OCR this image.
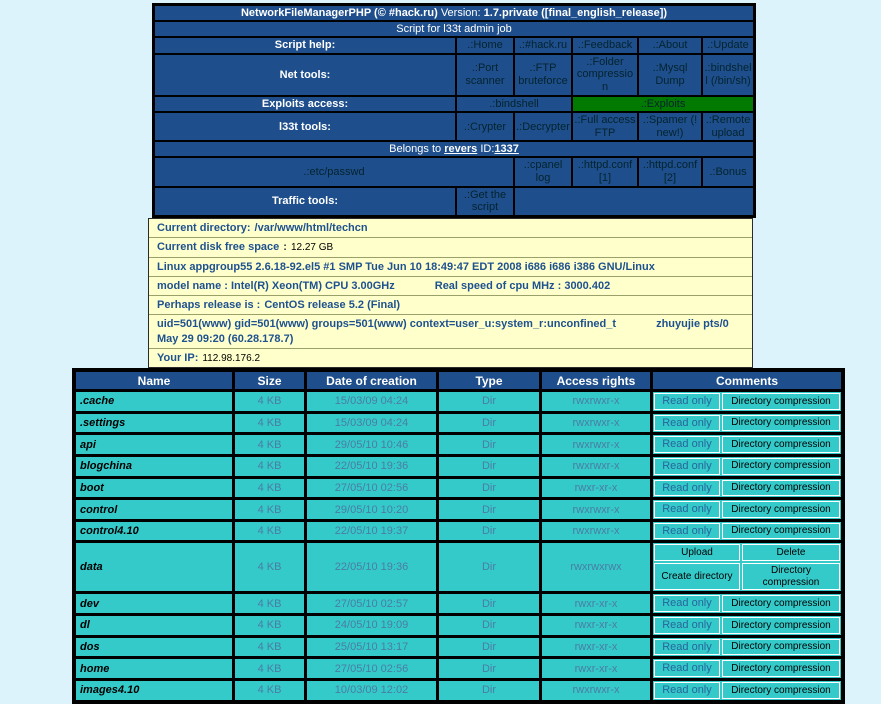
NetworkFileManagerPHP (© #hack.ru) Version: 1.7.private ([final_english_release])					
Script for l33t admin job					
Script help:	.:Home	.:#hack.ru	.:Feedback	.:About	.:Update
Net tools:	.:Port scanner	.:FTP bruteforce	.:Folder compression	.:Mysql Dump	.:bindshell (/bin/sh)
Exploits access:	.:bindshell		.:Exploits		
l33t tools:	.:Crypter	.:Decrypter	.:Full access FTP	.:Spamer (! new!)	.:Remote upload
Belongs to revers ID:1337					
.:etc/passwd		.:cpanel log	.:httpd.conf [1]	.:httpd.conf [2]	.:Bonus
Traffic tools:	.:Get the script				
Current directory: /var/www/html/techcn
Current disk free space : 12.27 GB
Linux appgroup55 2.6.18-92.el5 #1 SMP Tue Jun 10 18:49:47 EDT 2008 i686 i686 i386 GNU/Linux
model name : Intel(R) Xeon(TM) CPU 3.00GHz	Real speed of cpu MHz : 3000.402
Perhaps release is : CentOS release 5.2 (Final)
uid=501(www) gid=501(www) groups=501(www) context=user_u:system_r:unconfined_t	zhuyujie pts/0 May 29 09:20 (60.28.178.7)
Your IP: 112.98.176.2
Name	Size	Date of creation	Type	Access rights	Comments
.cache	4 KB	15/03/09 04:24	Dir	rwxrwxr-x	Read only Directory compression

.settings	4 KB	15/03/09 04:24	Dir	rwxrwxr-x	Read only Directory compression

api	4 KB	29/05/10 10:46	Dir	rwxrwxr-x	Read only Directory compression

blogchina	4 KB	22/05/10 19:36	Dir	rwxrwxr-x	Read only Directory compression

boot	4 KB	27/05/10 02:56	Dir	rwxr-xr-x	Read only Directory compression

control	4 KB	29/05/10 10:20	Dir	rwxrwxr-x	Read only Directory compression

control4.10	4 KB	22/05/10 19:37	Dir	rwxrwxr-x	Read only Directory compression

data	4 KB	22/05/10 19:36	Dir	rwxrwxrwx	Upload Delete
Create directory
Directory compression

dev	4 KB	27/05/10 02:57	Dir	rwxr-xr-x	Read only Directory compression

dl	4 KB	24/05/10 19:09	Dir	rwxr-xr-x	Read only Directory compression

dos	4 KB	25/05/10 13:17	Dir	rwxr-xr-x	Read only Directory compression

home	4 KB	27/05/10 02:56	Dir	rwxr-xr-x	Read only Directory compression

images4.10	4 KB	10/03/09 12:02	Dir	rwxrwxr-x	Read only Directory compression
